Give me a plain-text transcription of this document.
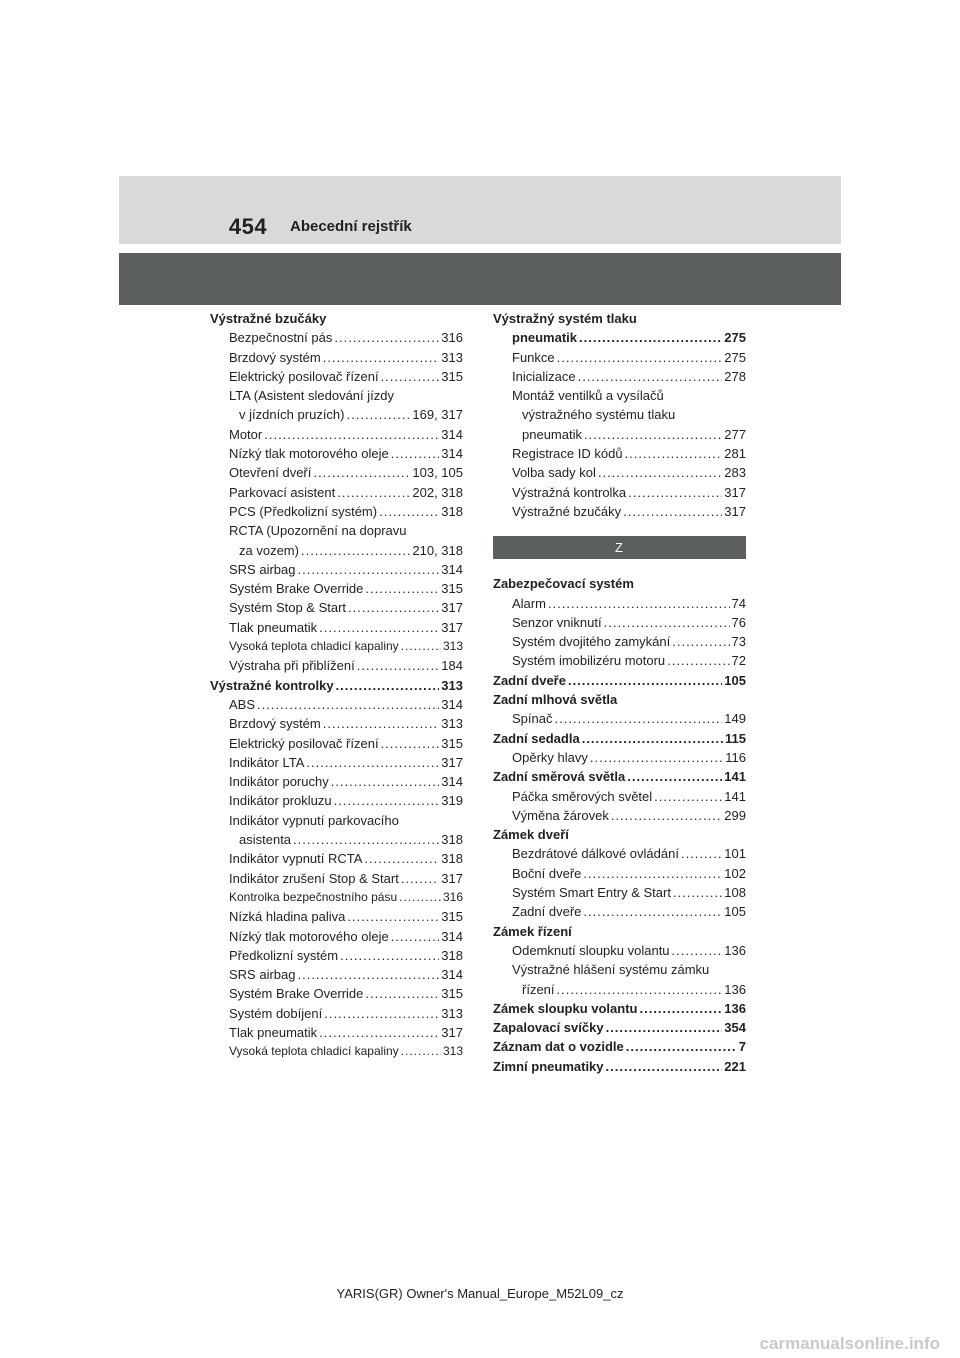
454 Abecední rejstřík
Výstražné bzučáky
Bezpečnostní pás .....	316
Brzdový systém .....	313
Elektrický posilovač řízení .....	315
LTA (Asistent sledování jízdy
v jízdních pruzích) .....	169, 317
Motor .....	314
Nízký tlak motorového oleje .....	314
Otevření dveří .....	103, 105
Parkovací asistent .....	202, 318
PCS (Předkolizní systém) .....	318
RCTA (Upozornění na dopravu
za vozem) .....	210, 318
SRS airbag .....	314
Systém Brake Override .....	315
Systém Stop & Start .....	317
Tlak pneumatik .....	317
Vysoká teplota chladicí kapaliny .....	313
Výstraha při přiblížení .....	184
Výstražné kontrolky .....	313
ABS .....	314
Brzdový systém .....	313
Elektrický posilovač řízení .....	315
Indikátor LTA .....	317
Indikátor poruchy .....	314
Indikátor prokluzu .....	319
Indikátor vypnutí parkovacího
asistenta .....	318
Indikátor vypnutí RCTA .....	318
Indikátor zrušení Stop & Start .....	317
Kontrolka bezpečnostního pásu .....	316
Nízká hladina paliva .....	315
Nízký tlak motorového oleje .....	314
Předkolizní systém .....	318
SRS airbag .....	314
Systém Brake Override .....	315
Systém dobíjení .....	313
Tlak pneumatik .....	317
Vysoká teplota chladicí kapaliny .....	313
Výstražný systém tlaku
pneumatik .....	275
Funkce .....	275
Inicializace .....	278
Montáž ventilků a vysílačů
výstražného systému tlaku
pneumatik .....	277
Registrace ID kódů .....	281
Volba sady kol .....	283
Výstražná kontrolka .....	317
Výstražné bzučáky .....	317
Z
Zabezpečovací systém
Alarm .....	74
Senzor vniknutí .....	76
Systém dvojitého zamykání .....	73
Systém imobilizéru motoru .....	72
Zadní dveře .....	105
Zadní mlhová světla
Spínač .....	149
Zadní sedadla .....	115
Opěrky hlavy .....	116
Zadní směrová světla .....	141
Páčka směrových světel .....	141
Výměna žárovek .....	299
Zámek dveří
Bezdrátové dálkové ovládání .....	101
Boční dveře .....	102
Systém Smart Entry & Start .....	108
Zadní dveře .....	105
Zámek řízení
Odemknutí sloupku volantu .....	136
Výstražné hlášení systému zámku
řízení .....	136
Zámek sloupku volantu .....	136
Zapalovací svíčky .....	354
Záznam dat o vozidle .....	7
Zimní pneumatiky .....	221
YARIS(GR) Owner's Manual_Europe_M52L09_cz
carmanualsonline.info
